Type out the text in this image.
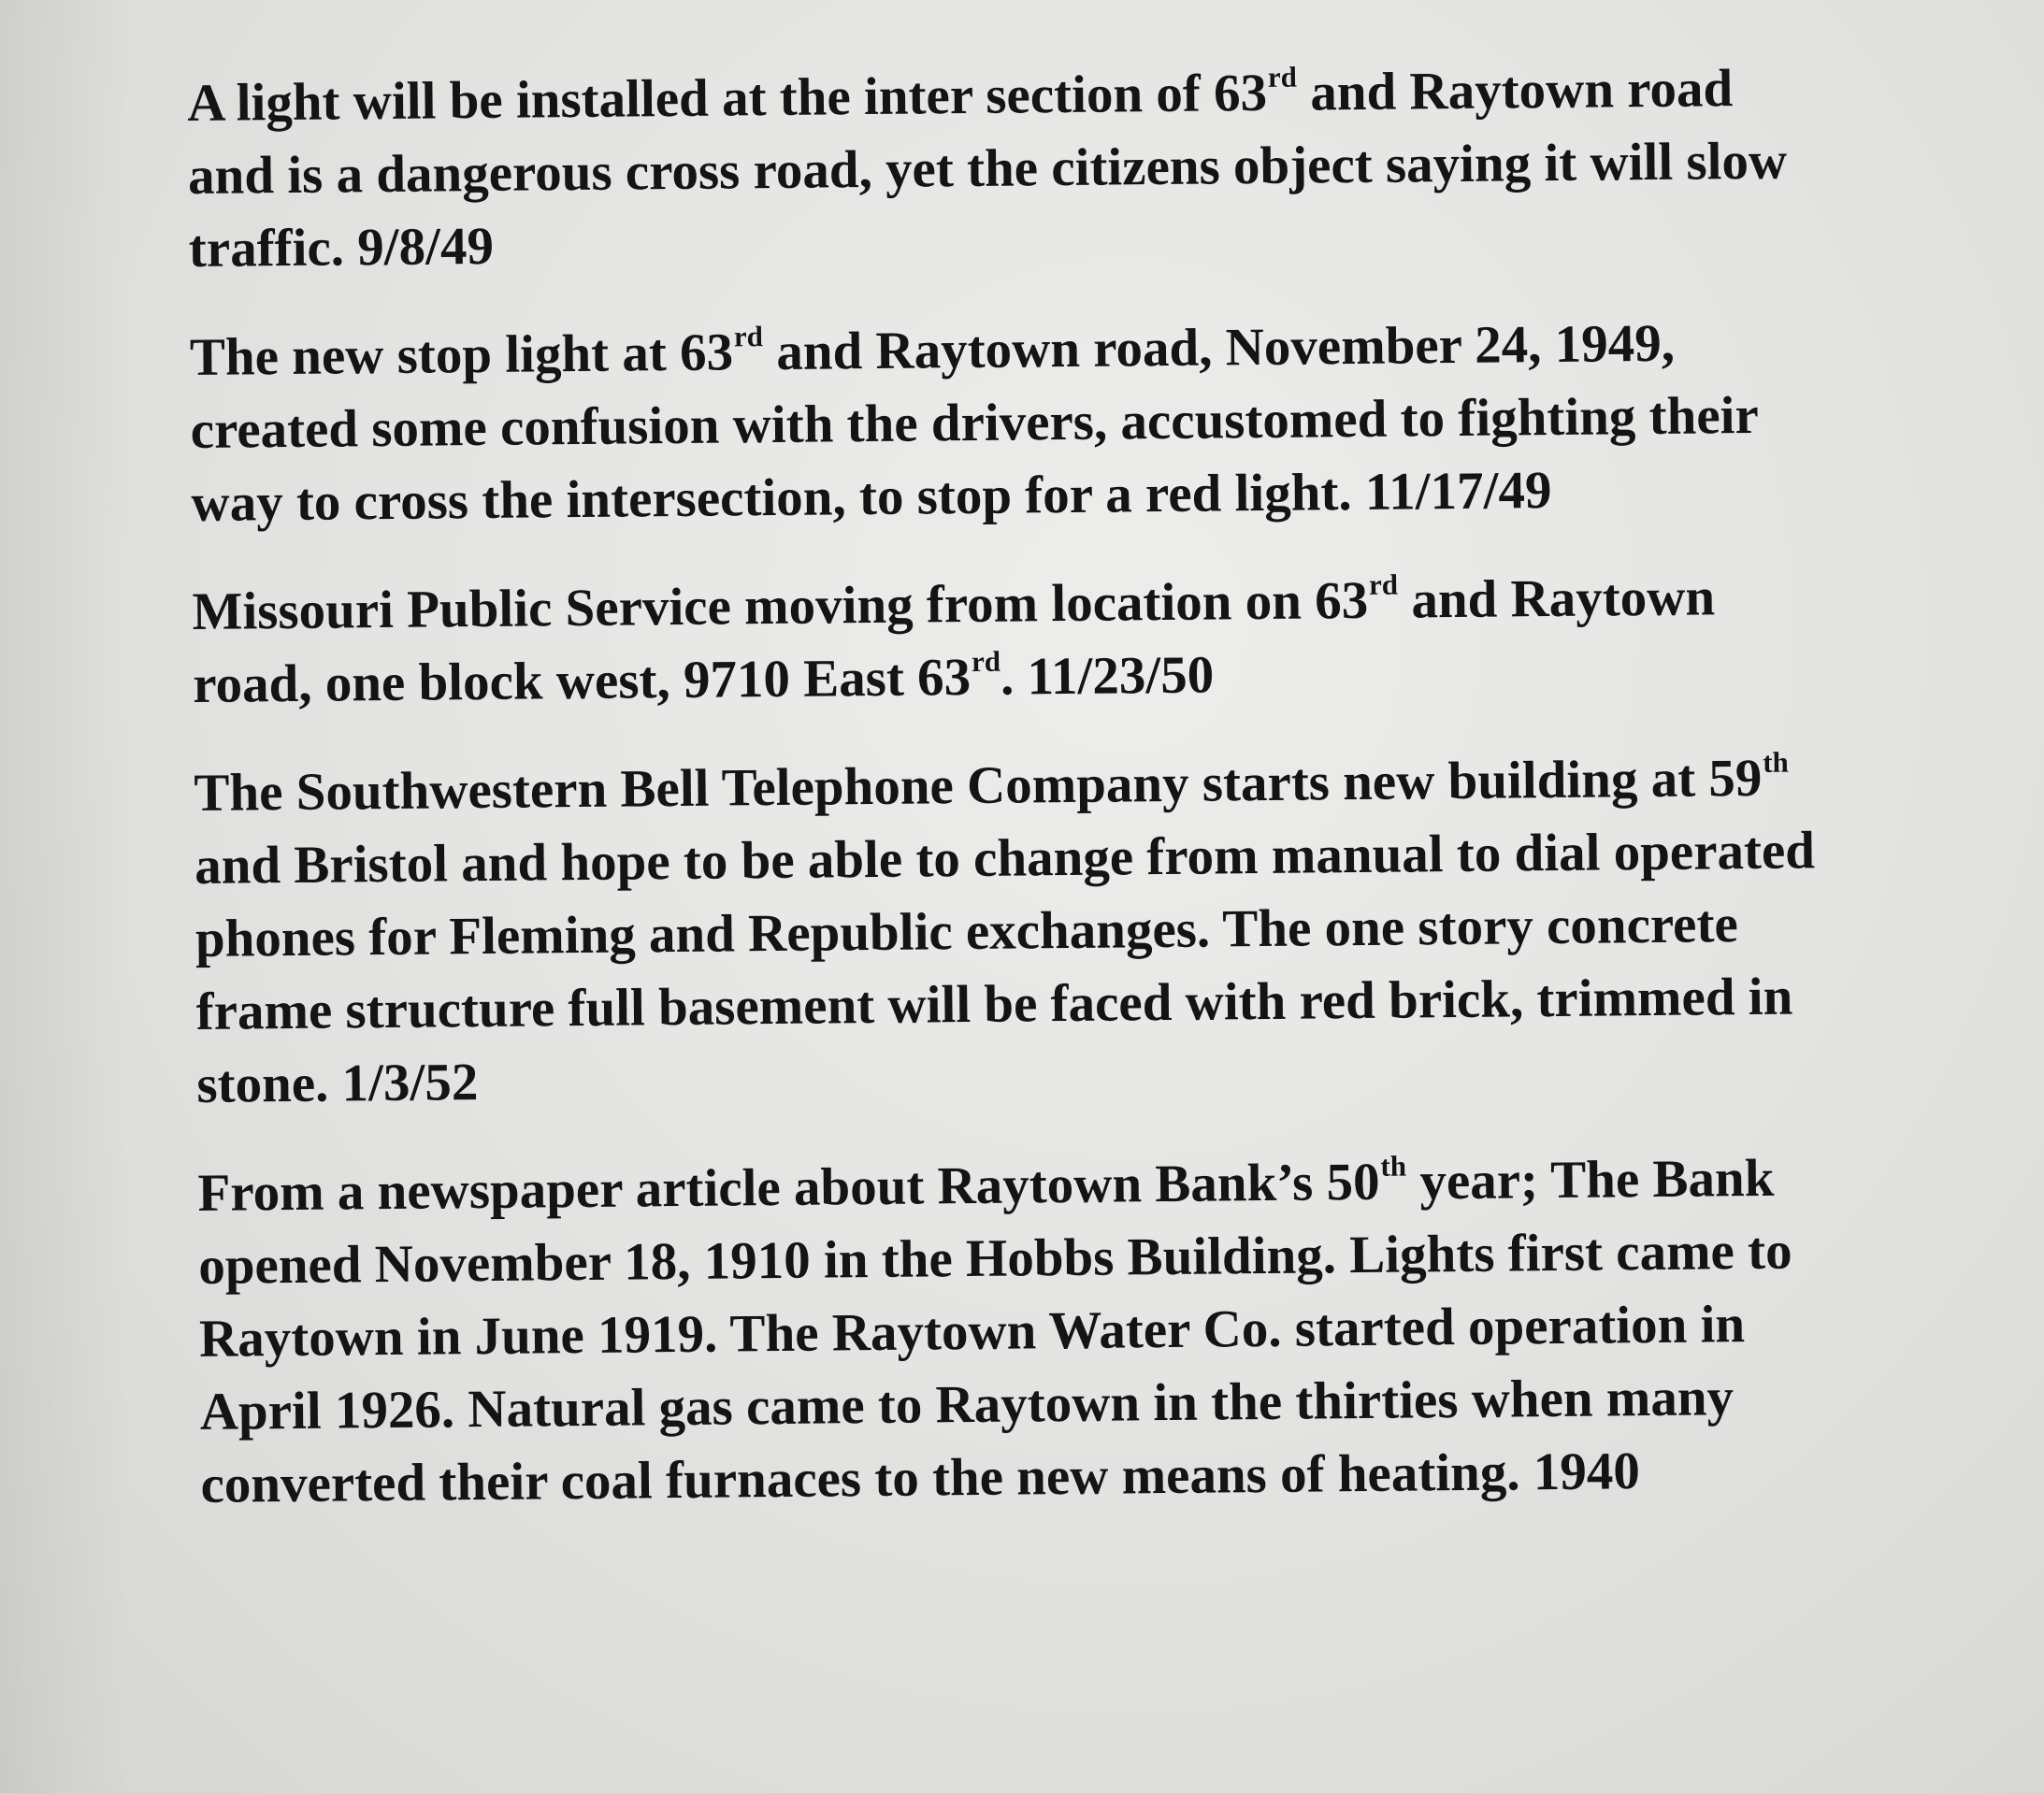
A light will be installed at the inter section of 63rd and Raytown road
and is a dangerous cross road, yet the citizens object saying it will slow
traffic. 9/8/49

The new stop light at 63rd and Raytown road, November 24, 1949,
created some confusion with the drivers, accustomed to fighting their
way to cross the intersection, to stop for a red light. 11/17/49

Missouri Public Service moving from location on 63rd and Raytown
road, one block west, 9710 East 63rd. 11/23/50

The Southwestern Bell Telephone Company starts new building at 59th
and Bristol and hope to be able to change from manual to dial operated
phones for Fleming and Republic exchanges. The one story concrete
frame structure full basement will be faced with red brick, trimmed in
stone. 1/3/52

From a newspaper article about Raytown Bank’s 50th year; The Bank
opened November 18, 1910 in the Hobbs Building. Lights first came to
Raytown in June 1919. The Raytown Water Co. started operation in
April 1926. Natural gas came to Raytown in the thirties when many
converted their coal furnaces to the new means of heating. 1940
